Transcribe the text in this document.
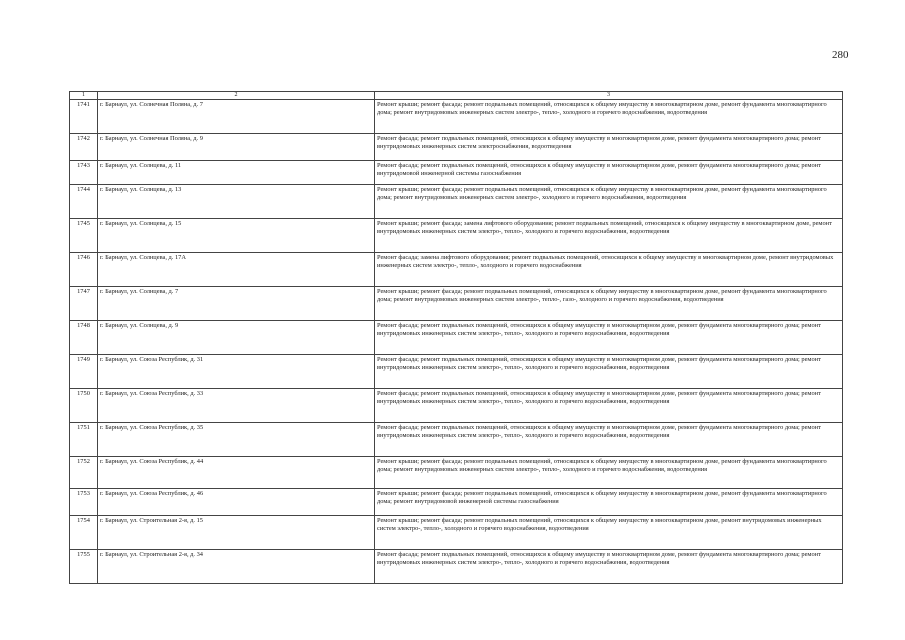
280
1	2	3
1741	г. Барнаул, ул. Солнечная Поляна, д. 7	Ремонт крыши; ремонт фасада; ремонт подвальных помещений, относящихся к общему имуществу в многоквартирном доме, ремонт фундамента многоквартирного дома; ремонт внутридомовых инженерных систем электро-, тепло-, холодного и горячего водоснабжения, водоотведения
1742	г. Барнаул, ул. Солнечная Поляна, д. 9	Ремонт фасада; ремонт подвальных помещений, относящихся к общему имуществу в многоквартирном доме, ремонт фундамента многоквартирного дома; ремонт внутридомовых инженерных систем электроснабжения, водоотведения
1743	г. Барнаул, ул. Солнцева, д. 11	Ремонт фасада; ремонт подвальных помещений, относящихся к общему имуществу в многоквартирном доме, ремонт фундамента многоквартирного дома; ремонт внутридомовой инженерной системы газоснабжения
1744	г. Барнаул, ул. Солнцева, д. 13	Ремонт крыши; ремонт фасада; ремонт подвальных помещений, относящихся к общему имуществу в многоквартирном доме, ремонт фундамента многоквартирного дома; ремонт внутридомовых инженерных систем электро-, холодного и горячего водоснабжения, водоотведения
1745	г. Барнаул, ул. Солнцева, д. 15	Ремонт крыши; ремонт фасада; замена лифтового оборудования; ремонт подвальных помещений, относящихся к общему имуществу в многоквартирном доме, ремонт внутридомовых инженерных систем электро-, тепло-, холодного и горячего водоснабжения, водоотведения
1746	г. Барнаул, ул. Солнцева, д. 17А	Ремонт фасада; замена лифтового оборудования; ремонт подвальных помещений, относящихся к общему имуществу в многоквартирном доме, ремонт внутридомовых инженерных систем электро-, тепло-, холодного и горячего водоснабжения
1747	г. Барнаул, ул. Солнцева, д. 7	Ремонт крыши; ремонт фасада; ремонт подвальных помещений, относящихся к общему имуществу в многоквартирном доме, ремонт фундамента многоквартирного дома; ремонт внутридомовых инженерных систем электро-, тепло-, газо-, холодного и горячего водоснабжения, водоотведения
1748	г. Барнаул, ул. Солнцева, д. 9	Ремонт фасада; ремонт подвальных помещений, относящихся к общему имуществу в многоквартирном доме, ремонт фундамента многоквартирного дома; ремонт внутридомовых инженерных систем электро-, тепло-, холодного и горячего водоснабжения, водоотведения
1749	г. Барнаул, ул. Союза Республик, д. 31	Ремонт фасада; ремонт подвальных помещений, относящихся к общему имуществу в многоквартирном доме, ремонт фундамента многоквартирного дома; ремонт внутридомовых инженерных систем электро-, тепло-, холодного и горячего водоснабжения, водоотведения
1750	г. Барнаул, ул. Союза Республик, д. 33	Ремонт фасада; ремонт подвальных помещений, относящихся к общему имуществу в многоквартирном доме, ремонт фундамента многоквартирного дома; ремонт внутридомовых инженерных систем электро-, тепло-, холодного и горячего водоснабжения, водоотведения
1751	г. Барнаул, ул. Союза Республик, д. 35	Ремонт фасада; ремонт подвальных помещений, относящихся к общему имуществу в многоквартирном доме, ремонт фундамента многоквартирного дома; ремонт внутридомовых инженерных систем электро-, тепло-, холодного и горячего водоснабжения, водоотведения
1752	г. Барнаул, ул. Союза Республик, д. 44	Ремонт крыши; ремонт фасада; ремонт подвальных помещений, относящихся к общему имуществу в многоквартирном доме, ремонт фундамента многоквартирного дома; ремонт внутридомовых инженерных систем электро-, тепло-, холодного и горячего водоснабжения, водоотведения
1753	г. Барнаул, ул. Союза Республик, д. 46	Ремонт крыши; ремонт фасада; ремонт подвальных помещений, относящихся к общему имуществу в многоквартирном доме, ремонт фундамента многоквартирного дома; ремонт внутридомовой инженерной системы газоснабжения
1754	г. Барнаул, ул. Строительная 2-я, д. 15	Ремонт крыши; ремонт фасада; ремонт подвальных помещений, относящихся к общему имуществу в многоквартирном доме, ремонт внутридомовых инженерных систем электро-, тепло-, холодного и горячего водоснабжения, водоотведения
1755	г. Барнаул, ул. Строительная 2-я, д. 34	Ремонт фасада; ремонт подвальных помещений, относящихся к общему имуществу в многоквартирном доме, ремонт фундамента многоквартирного дома; ремонт внутридомовых инженерных систем электро-, тепло-, холодного и горячего водоснабжения, водоотведения
